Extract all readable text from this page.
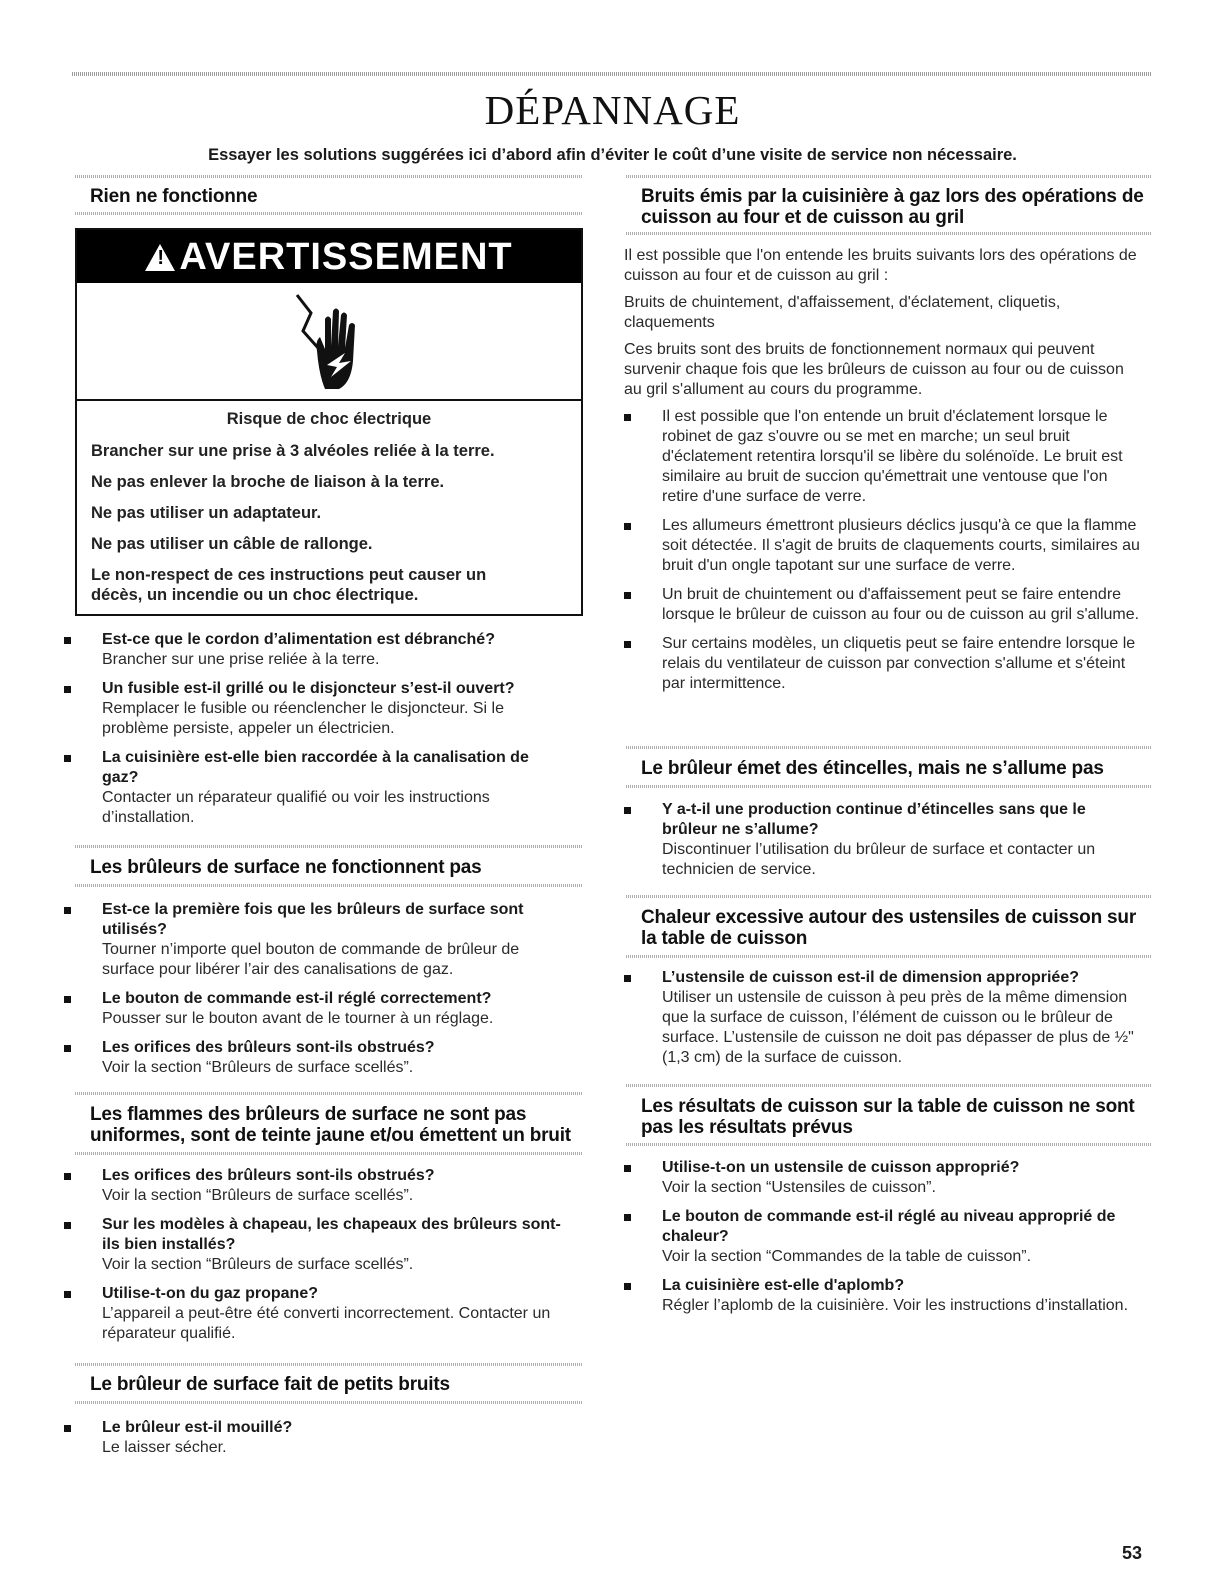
DÉPANNAGE
Essayer les solutions suggérées ici d’abord afin d’éviter le coût d’une visite de service non nécessaire.
Rien ne fonctionne
!AVERTISSEMENT

Risque de choc électrique

Brancher sur une prise à 3 alvéoles reliée à la terre.

Ne pas enlever la broche de liaison à la terre.

Ne pas utiliser un adaptateur.

Ne pas utiliser un câble de rallonge.

Le non-respect de ces instructions peut causer un décès, un incendie ou un choc électrique.

Est-ce que le cordon d’alimentation est débranché?
Brancher sur une prise reliée à la terre.
Un fusible est-il grillé ou le disjoncteur s’est-il ouvert?
Remplacer le fusible ou réenclencher le disjoncteur. Si le problème persiste, appeler un électricien.
La cuisinière est-elle bien raccordée à la canalisation de gaz?
Contacter un réparateur qualifié ou voir les instructions d’installation.
Les brûleurs de surface ne fonctionnent pas
Est-ce la première fois que les brûleurs de surface sont utilisés?
Tourner n’importe quel bouton de commande de brûleur de surface pour libérer l’air des canalisations de gaz.
Le bouton de commande est-il réglé correctement?
Pousser sur le bouton avant de le tourner à un réglage.
Les orifices des brûleurs sont-ils obstrués?
Voir la section “Brûleurs de surface scellés”.
Les flammes des brûleurs de surface ne sont pas uniformes, sont de teinte jaune et/ou émettent un bruit
Les orifices des brûleurs sont-ils obstrués?
Voir la section “Brûleurs de surface scellés”.
Sur les modèles à chapeau, les chapeaux des brûleurs sont-ils bien installés?
Voir la section “Brûleurs de surface scellés”.
Utilise-t-on du gaz propane?
L’appareil a peut-être été converti incorrectement. Contacter un réparateur qualifié.
Le brûleur de surface fait de petits bruits
Le brûleur est-il mouillé?
Le laisser sécher.
Bruits émis par la cuisinière à gaz lors des opérations de cuisson au four et de cuisson au gril

Il est possible que l'on entende les bruits suivants lors des opérations de cuisson au four et de cuisson au gril :

Bruits de chuintement, d'affaissement, d'éclatement, cliquetis, claquements

Ces bruits sont des bruits de fonctionnement normaux qui peuvent survenir chaque fois que les brûleurs de cuisson au four ou de cuisson au gril s'allument au cours du programme.

Il est possible que l'on entende un bruit d'éclatement lorsque le robinet de gaz s'ouvre ou se met en marche; un seul bruit d'éclatement retentira lorsqu'il se libère du solénoïde. Le bruit est similaire au bruit de succion qu'émettrait une ventouse que l'on retire d'une surface de verre.
Les allumeurs émettront plusieurs déclics jusqu'à ce que la flamme soit détectée. Il s'agit de bruits de claquements courts, similaires au bruit d'un ongle tapotant sur une surface de verre.
Un bruit de chuintement ou d'affaissement peut se faire entendre lorsque le brûleur de cuisson au four ou de cuisson au gril s'allume.
Sur certains modèles, un cliquetis peut se faire entendre lorsque le relais du ventilateur de cuisson par convection s'allume et s'éteint par intermittence.
Le brûleur émet des étincelles, mais ne s’allume pas
Y a-t-il une production continue d’étincelles sans que le brûleur ne s’allume?
Discontinuer l’utilisation du brûleur de surface et contacter un technicien de service.
Chaleur excessive autour des ustensiles de cuisson sur la table de cuisson
L’ustensile de cuisson est-il de dimension appropriée?
Utiliser un ustensile de cuisson à peu près de la même dimension que la surface de cuisson, l’élément de cuisson ou le brûleur de surface. L’ustensile de cuisson ne doit pas dépasser de plus de ½" (1,3 cm) de la surface de cuisson.
Les résultats de cuisson sur la table de cuisson ne sont pas les résultats prévus
Utilise-t-on un ustensile de cuisson approprié?
Voir la section “Ustensiles de cuisson”.
Le bouton de commande est-il réglé au niveau approprié de chaleur?
Voir la section “Commandes de la table de cuisson”.
La cuisinière est-elle d'aplomb?
Régler l’aplomb de la cuisinière. Voir les instructions d’installation.
53
